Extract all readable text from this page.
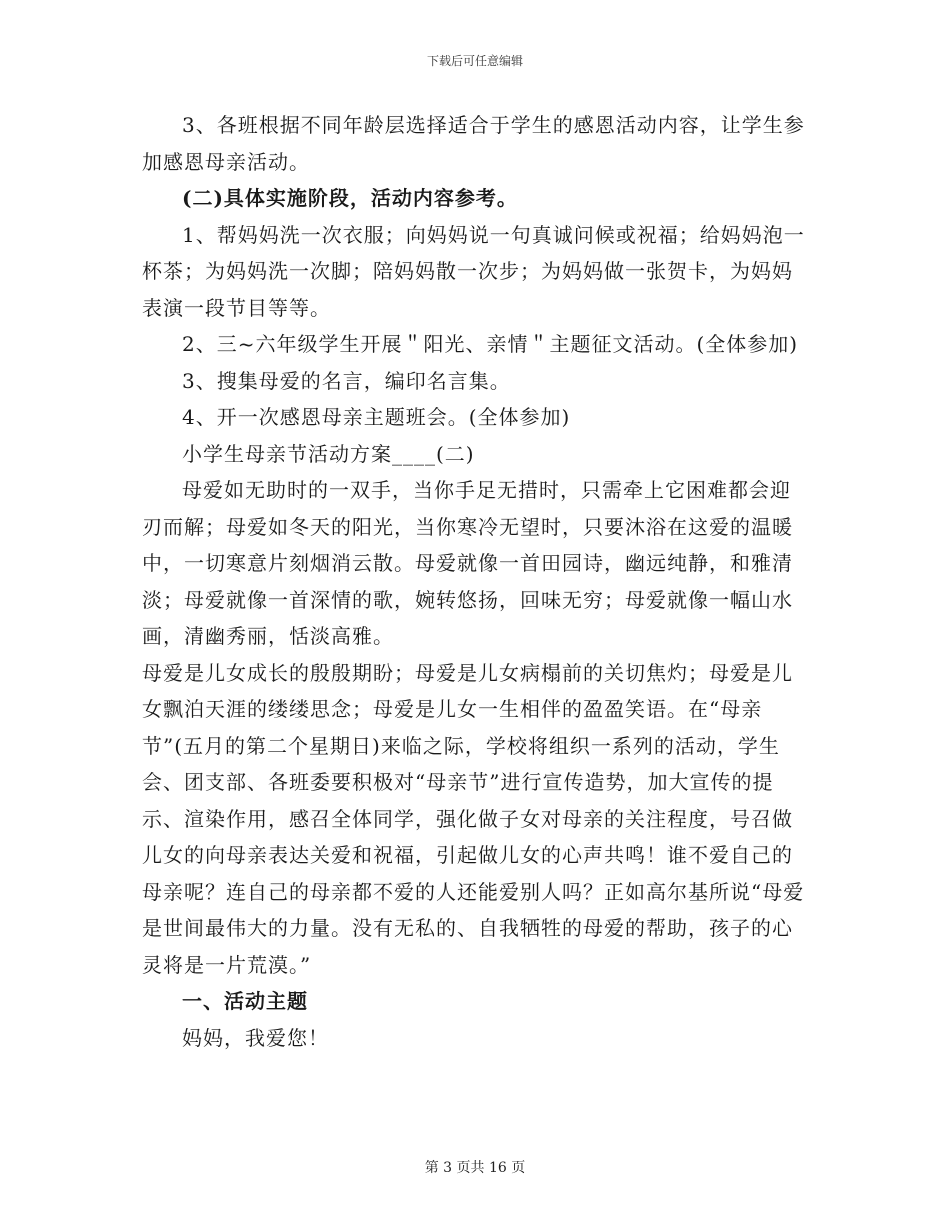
下载后可任意编辑

3、各班根据不同年龄层选择适合于学生的感恩活动内容，让学生参加感恩母亲活动。

(二)具体实施阶段，活动内容参考。

1、帮妈妈洗一次衣服；向妈妈说一句真诚问候或祝福；给妈妈泡一杯茶；为妈妈洗一次脚；陪妈妈散一次步；为妈妈做一张贺卡，为妈妈表演一段节目等等。

2、三~六年级学生开展＂阳光、亲情＂主题征文活动。(全体参加)

3、搜集母爱的名言，编印名言集。

4、开一次感恩母亲主题班会。(全体参加)

小学生母亲节活动方案____(二)

母爱如无助时的一双手，当你手足无措时，只需牵上它困难都会迎刃而解；母爱如冬天的阳光，当你寒冷无望时，只要沐浴在这爱的温暖中，一切寒意片刻烟消云散。母爱就像一首田园诗，幽远纯静，和雅清淡；母爱就像一首深情的歌，婉转悠扬，回味无穷；母爱就像一幅山水画，清幽秀丽，恬淡高雅。

母爱是儿女成长的殷殷期盼；母爱是儿女病榻前的关切焦灼；母爱是儿女飘泊天涯的缕缕思念；母爱是儿女一生相伴的盈盈笑语。在“母亲节”(五月的第二个星期日)来临之际，学校将组织一系列的活动，学生会、团支部、各班委要积极对“母亲节”进行宣传造势，加大宣传的提示、渲染作用，感召全体同学，强化做子女对母亲的关注程度，号召做儿女的向母亲表达关爱和祝福，引起做儿女的心声共鸣！谁不爱自己的母亲呢？连自己的母亲都不爱的人还能爱别人吗？正如高尔基所说“母爱是世间最伟大的力量。没有无私的、自我牺牲的母爱的帮助，孩子的心灵将是一片荒漠。”

一、活动主题

妈妈，我爱您！

第 3 页共 16 页
